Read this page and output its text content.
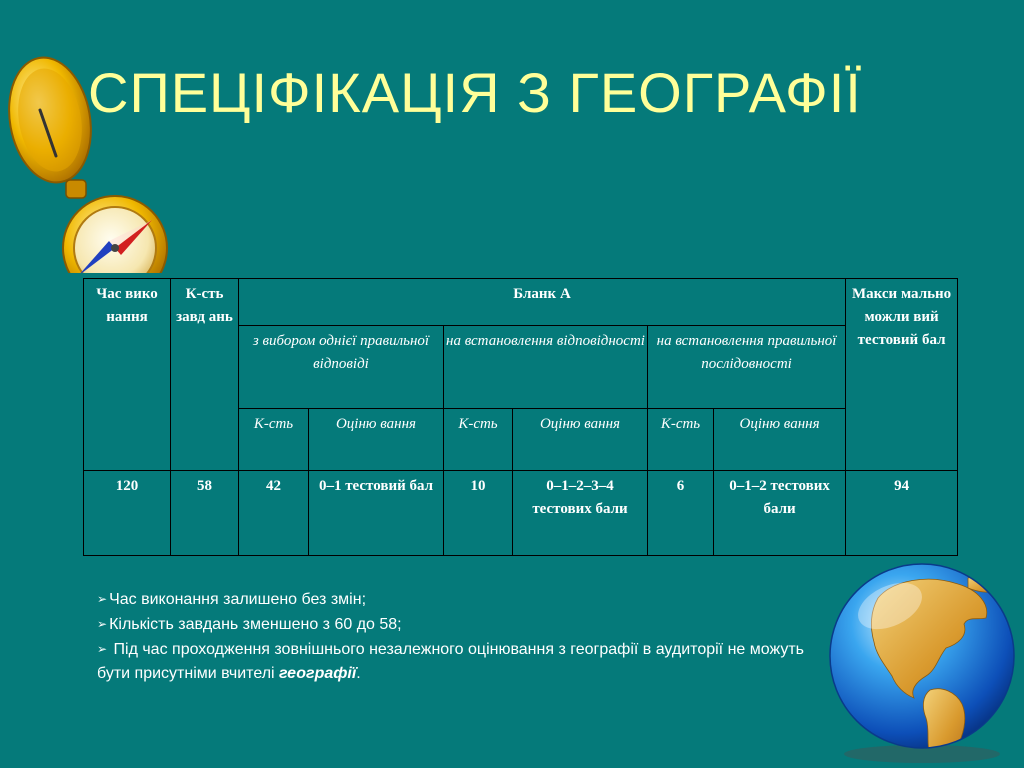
СПЕЦІФІКАЦІЯ З ГЕОГРАФІЇ
Час вико нання	К-сть завд ань	Бланк А						Макси мально можли вий тестовий бал
		з вибором однієї правильної відповіді		на встановлення відповідності		на встановлення правильної послідовності		
		К-сть	Оціню вання	К-сть	Оціню вання	К-сть	Оціню вання	
120	58	42	0–1 тестовий бал	10	0–1–2–3–4 тестових бали	6	0–1–2 тестових бали	94

➢ Час виконання залишено без змін;

➢ Кількість завдань зменшено з 60 до 58;

➢ Під час проходження зовнішнього незалежного оцінювання з географії в аудиторії не можуть бути присутніми вчителі географії.
